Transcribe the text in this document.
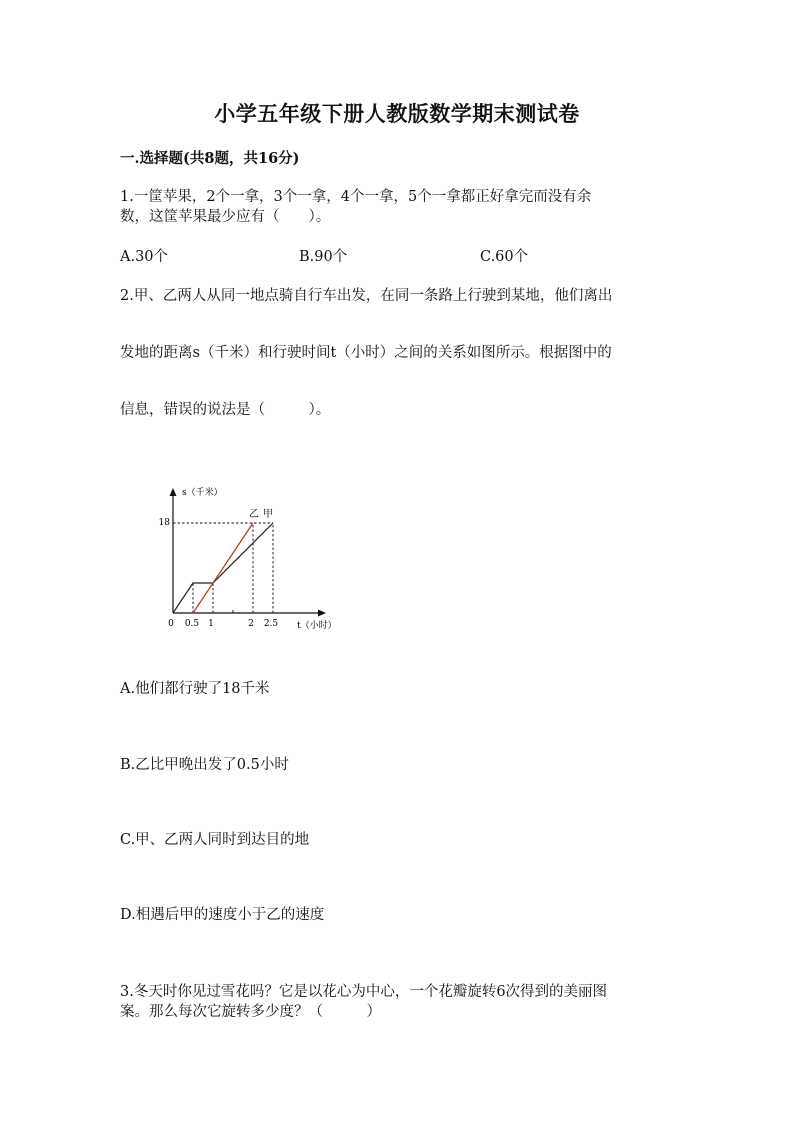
小学五年级下册人教版数学期末测试卷
一.选择题(共8题，共16分)
1.一筐苹果，2个一拿，3个一拿，4个一拿，5个一拿都正好拿完而没有余
数，这筐苹果最少应有（　　）。
A.30个	B.90个	C.60个
2.甲、乙两人从同一地点骑自行车出发，在同一条路上行驶到某地，他们离出
发地的距离s（千米）和行驶时间t（小时）之间的关系如图所示。根据图中的
信息，错误的说法是（　　　）。
s（千米）
t（小时）
18
0 0.5 1	2 2.5
乙 甲
A.他们都行驶了18千米
B.乙比甲晚出发了0.5小时
C.甲、乙两人同时到达目的地
D.相遇后甲的速度小于乙的速度
3.冬天时你见过雪花吗？它是以花心为中心，一个花瓣旋转6次得到的美丽图
案。那么每次它旋转多少度？（　　　）
